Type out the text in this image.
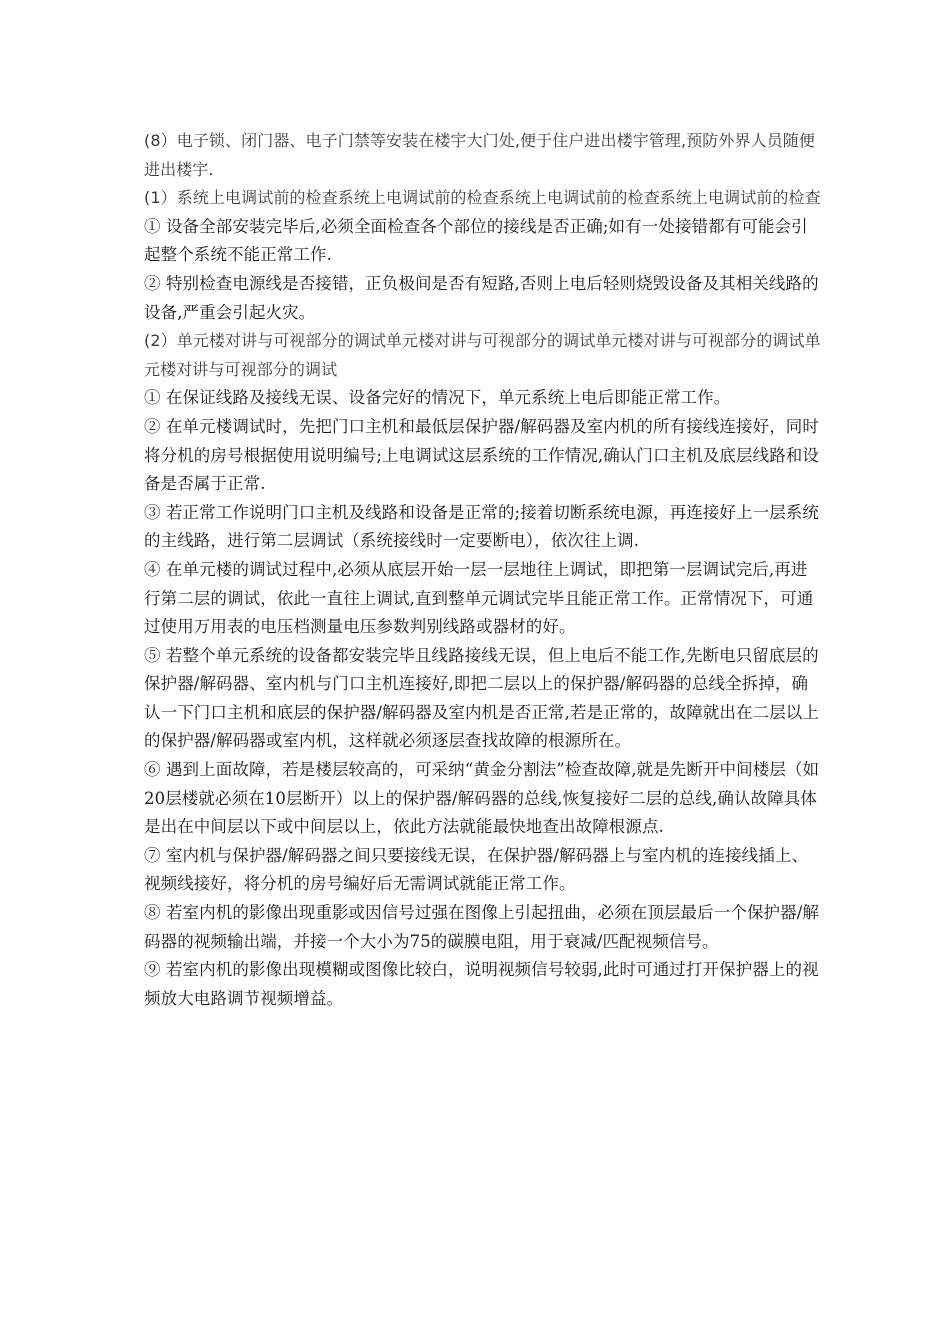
(8）电子锁、闭门器、电子门禁等安装在楼宇大门处,便于住户进出楼宇管理,预防外界人员随便进出楼宇.

(1）系统上电调试前的检查系统上电调试前的检查系统上电调试前的检查系统上电调试前的检查

① 设备全部安装完毕后,必须全面检查各个部位的接线是否正确;如有一处接错都有可能会引起整个系统不能正常工作.

② 特别检查电源线是否接错，正负极间是否有短路,否则上电后轻则烧毁设备及其相关线路的设备,严重会引起火灾。

(2）单元楼对讲与可视部分的调试单元楼对讲与可视部分的调试单元楼对讲与可视部分的调试单元楼对讲与可视部分的调试

① 在保证线路及接线无误、设备完好的情况下，单元系统上电后即能正常工作。

② 在单元楼调试时，先把门口主机和最低层保护器/解码器及室内机的所有接线连接好，同时将分机的房号根据使用说明编号;上电调试这层系统的工作情况,确认门口主机及底层线路和设备是否属于正常.

③ 若正常工作说明门口主机及线路和设备是正常的;接着切断系统电源，再连接好上一层系统的主线路，进行第二层调试（系统接线时一定要断电），依次往上调.

④ 在单元楼的调试过程中,必须从底层开始一层一层地往上调试，即把第一层调试完后,再进行第二层的调试，依此一直往上调试,直到整单元调试完毕且能正常工作。正常情况下，可通过使用万用表的电压档测量电压参数判别线路或器材的好。

⑤ 若整个单元系统的设备都安装完毕且线路接线无误，但上电后不能工作,先断电只留底层的保护器/解码器、室内机与门口主机连接好,即把二层以上的保护器/解码器的总线全拆掉，确认一下门口主机和底层的保护器/解码器及室内机是否正常,若是正常的，故障就出在二层以上的保护器/解码器或室内机，这样就必须逐层查找故障的根源所在。

⑥ 遇到上面故障，若是楼层较高的，可采纳“黄金分割法”检查故障,就是先断开中间楼层（如20层楼就必须在10层断开）以上的保护器/解码器的总线,恢复接好二层的总线,确认故障具体是出在中间层以下或中间层以上，依此方法就能最快地查出故障根源点.

⑦ 室内机与保护器/解码器之间只要接线无误，在保护器/解码器上与室内机的连接线插上、视频线接好，将分机的房号编好后无需调试就能正常工作。

⑧ 若室内机的影像出现重影或因信号过强在图像上引起扭曲，必须在顶层最后一个保护器/解码器的视频输出端，并接一个大小为75的碳膜电阻，用于衰减/匹配视频信号。

⑨ 若室内机的影像出现模糊或图像比较白，说明视频信号较弱,此时可通过打开保护器上的视频放大电路调节视频增益。
